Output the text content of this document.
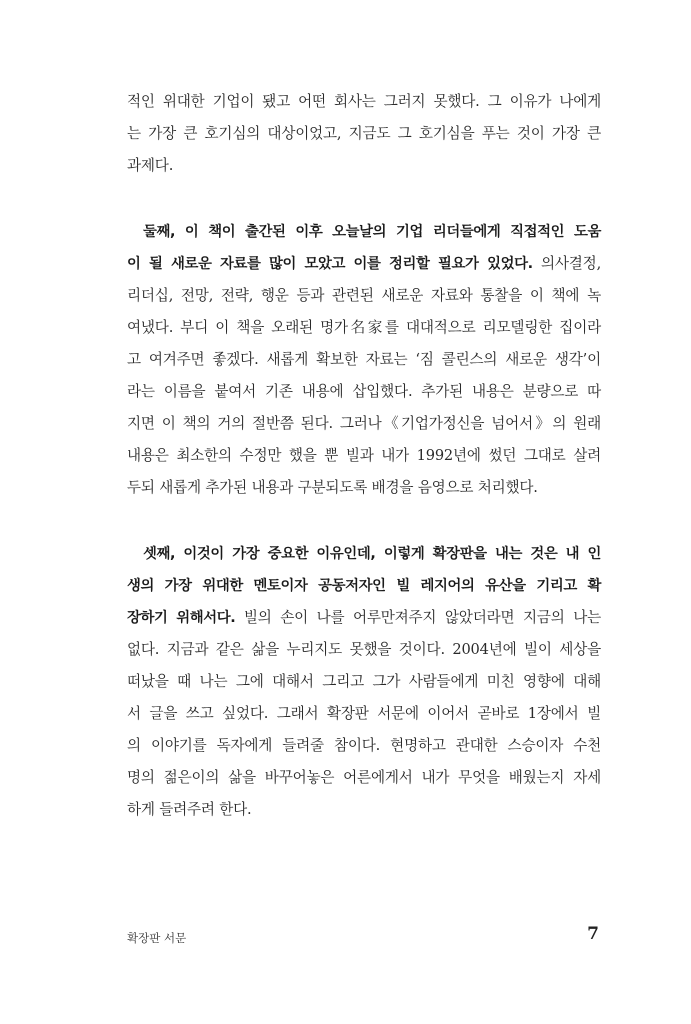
적인 위대한 기업이 됐고 어떤 회사는 그러지 못했다. 그 이유가 나에게
는 가장 큰 호기심의 대상이었고, 지금도 그 호기심을 푸는 것이 가장 큰
과제다.
둘째, 이 책이 출간된 이후 오늘날의 기업 리더들에게 직접적인 도움
이 될 새로운 자료를 많이 모았고 이를 정리할 필요가 있었다. 의사결정,
리더십, 전망, 전략, 행운 등과 관련된 새로운 자료와 통찰을 이 책에 녹
여냈다. 부디 이 책을 오래된 명가名家를 대대적으로 리모델링한 집이라
고 여겨주면 좋겠다. 새롭게 확보한 자료는 ‘짐 콜린스의 새로운 생각’이
라는 이름을 붙여서 기존 내용에 삽입했다. 추가된 내용은 분량으로 따
지면 이 책의 거의 절반쯤 된다. 그러나《기업가정신을 넘어서》의 원래
내용은 최소한의 수정만 했을 뿐 빌과 내가 1992년에 썼던 그대로 살려
두되 새롭게 추가된 내용과 구분되도록 배경을 음영으로 처리했다.
셋째, 이것이 가장 중요한 이유인데, 이렇게 확장판을 내는 것은 내 인
생의 가장 위대한 멘토이자 공동저자인 빌 레지어의 유산을 기리고 확
장하기 위해서다. 빌의 손이 나를 어루만져주지 않았더라면 지금의 나는
없다. 지금과 같은 삶을 누리지도 못했을 것이다. 2004년에 빌이 세상을
떠났을 때 나는 그에 대해서 그리고 그가 사람들에게 미친 영향에 대해
서 글을 쓰고 싶었다. 그래서 확장판 서문에 이어서 곧바로 1장에서 빌
의 이야기를 독자에게 들려줄 참이다. 현명하고 관대한 스승이자 수천
명의 젊은이의 삶을 바꾸어놓은 어른에게서 내가 무엇을 배웠는지 자세
하게 들려주려 한다.
확장판 서문	7
